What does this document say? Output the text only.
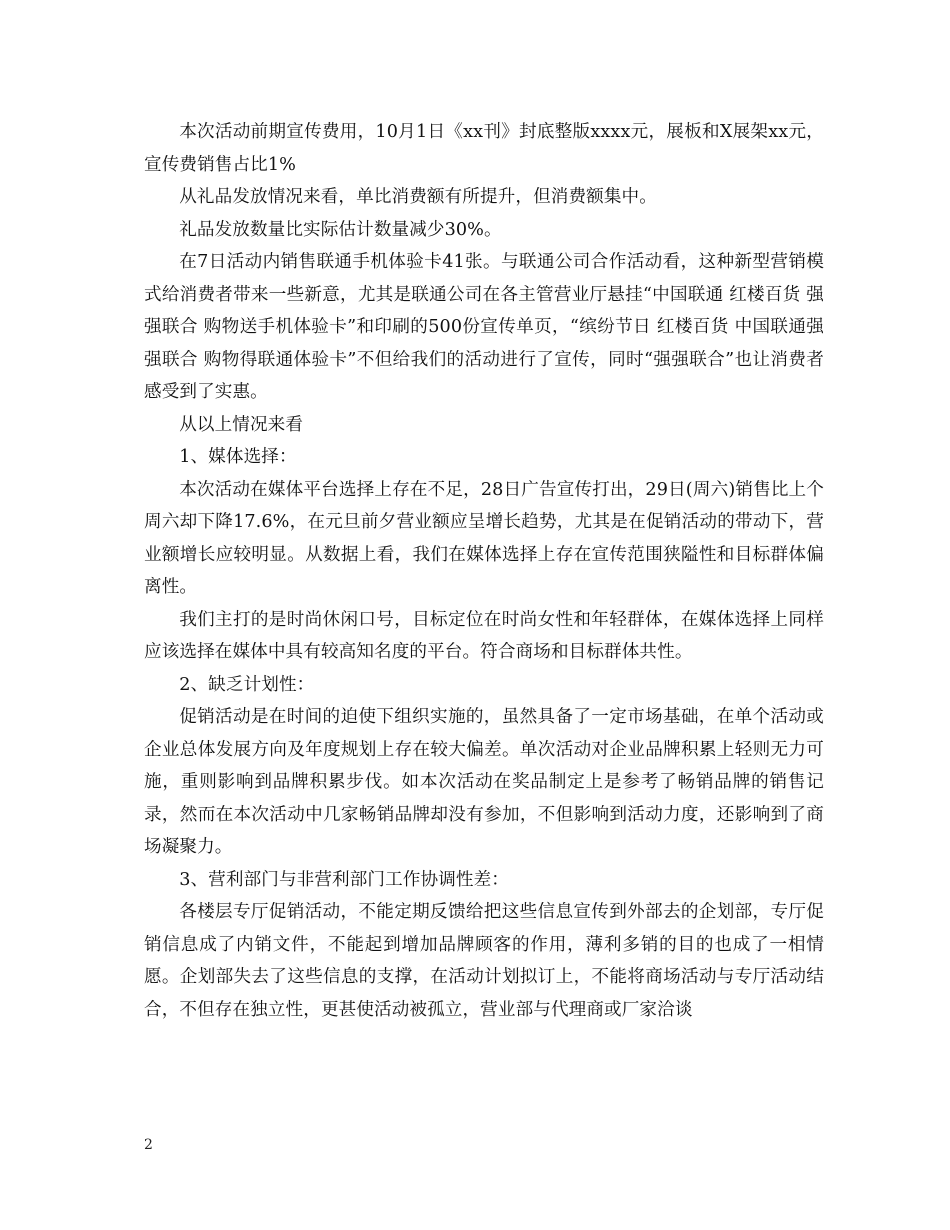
本次活动前期宣传费用，10月1日《xx刊》封底整版xxxx元，展板和X展架xx元，宣传费销售占比1%

从礼品发放情况来看，单比消费额有所提升，但消费额集中。

礼品发放数量比实际估计数量减少30%。

在7日活动内销售联通手机体验卡41张。与联通公司合作活动看，这种新型营销模式给消费者带来一些新意，尤其是联通公司在各主管营业厅悬挂“中国联通 红楼百货 强强联合 购物送手机体验卡”和印刷的500份宣传单页，“缤纷节日 红楼百货 中国联通强强联合 购物得联通体验卡”不但给我们的活动进行了宣传，同时“强强联合”也让消费者感受到了实惠。

从以上情况来看

1、媒体选择：

本次活动在媒体平台选择上存在不足，28日广告宣传打出，29日(周六)销售比上个周六却下降17.6%，在元旦前夕营业额应呈增长趋势，尤其是在促销活动的带动下，营业额增长应较明显。从数据上看，我们在媒体选择上存在宣传范围狭隘性和目标群体偏离性。

我们主打的是时尚休闲口号，目标定位在时尚女性和年轻群体，在媒体选择上同样应该选择在媒体中具有较高知名度的平台。符合商场和目标群体共性。

2、缺乏计划性：

促销活动是在时间的迫使下组织实施的，虽然具备了一定市场基础，在单个活动或企业总体发展方向及年度规划上存在较大偏差。单次活动对企业品牌积累上轻则无力可施，重则影响到品牌积累步伐。如本次活动在奖品制定上是参考了畅销品牌的销售记录，然而在本次活动中几家畅销品牌却没有参加，不但影响到活动力度，还影响到了商场凝聚力。

3、营利部门与非营利部门工作协调性差：

各楼层专厅促销活动，不能定期反馈给把这些信息宣传到外部去的企划部，专厅促销信息成了内销文件，不能起到增加品牌顾客的作用，薄利多销的目的也成了一相情愿。企划部失去了这些信息的支撑，在活动计划拟订上，不能将商场活动与专厅活动结合，不但存在独立性，更甚使活动被孤立，营业部与代理商或厂家洽谈

2
